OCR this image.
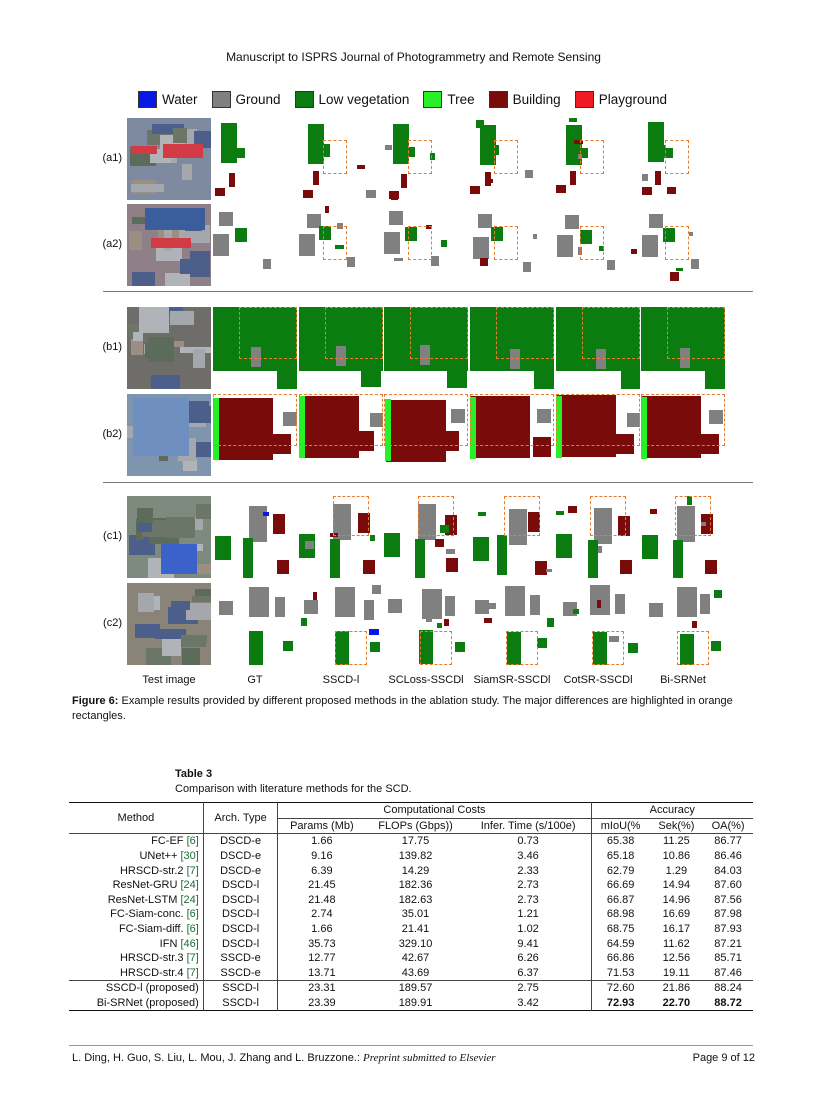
Manuscript to ISPRS Journal of Photogrammetry and Remote Sensing
Water	Ground	Low vegetation	Tree	Building	Playground
(a1)
(a2)
(b1)
(b2)
(c1)
(c2)
Test image	GT	SSCD-l	SCLoss-SSCDl SiamSR-SSCDl	CotSR-SSCDl	Bi-SRNet
Figure 6: Example results provided by different proposed methods in the ablation study. The major differences are highlighted in orange rectangles.
Table 3
Comparison with literature methods for the SCD.
Method	Arch. Type	Computational Costs			Accuracy		
		Params (Mb)	FLOPs (Gbps))	Infer. Time (s/100e)	mIoU(%	Sek(%)	OA(%)
FC-EF [6]	DSCD-e	1.66	17.75	0.73	65.38	11.25	86.77
UNet++ [30]	DSCD-e	9.16	139.82	3.46	65.18	10.86	86.46
HRSCD-str.2 [7]	DSCD-e	6.39	14.29	2.33	62.79	1.29	84.03
ResNet-GRU [24]	DSCD-l	21.45	182.36	2.73	66.69	14.94	87.60
ResNet-LSTM [24]	DSCD-l	21.48	182.63	2.73	66.87	14.96	87.56
FC-Siam-conc. [6]	DSCD-l	2.74	35.01	1.21	68.98	16.69	87.98
FC-Siam-diff. [6]	DSCD-l	1.66	21.41	1.02	68.75	16.17	87.93
IFN [46]	DSCD-l	35.73	329.10	9.41	64.59	11.62	87.21
HRSCD-str.3 [7]	SSCD-e	12.77	42.67	6.26	66.86	12.56	85.71
HRSCD-str.4 [7]	SSCD-e	13.71	43.69	6.37	71.53	19.11	87.46
SSCD-l (proposed)	SSCD-l	23.31	189.57	2.75	72.60	21.86	88.24
Bi-SRNet (proposed)	SSCD-l	23.39	189.91	3.42	72.93	22.70	88.72
L. Ding, H. Guo, S. Liu, L. Mou, J. Zhang and L. Bruzzone.: Preprint submitted to Elsevier	Page 9 of 12
